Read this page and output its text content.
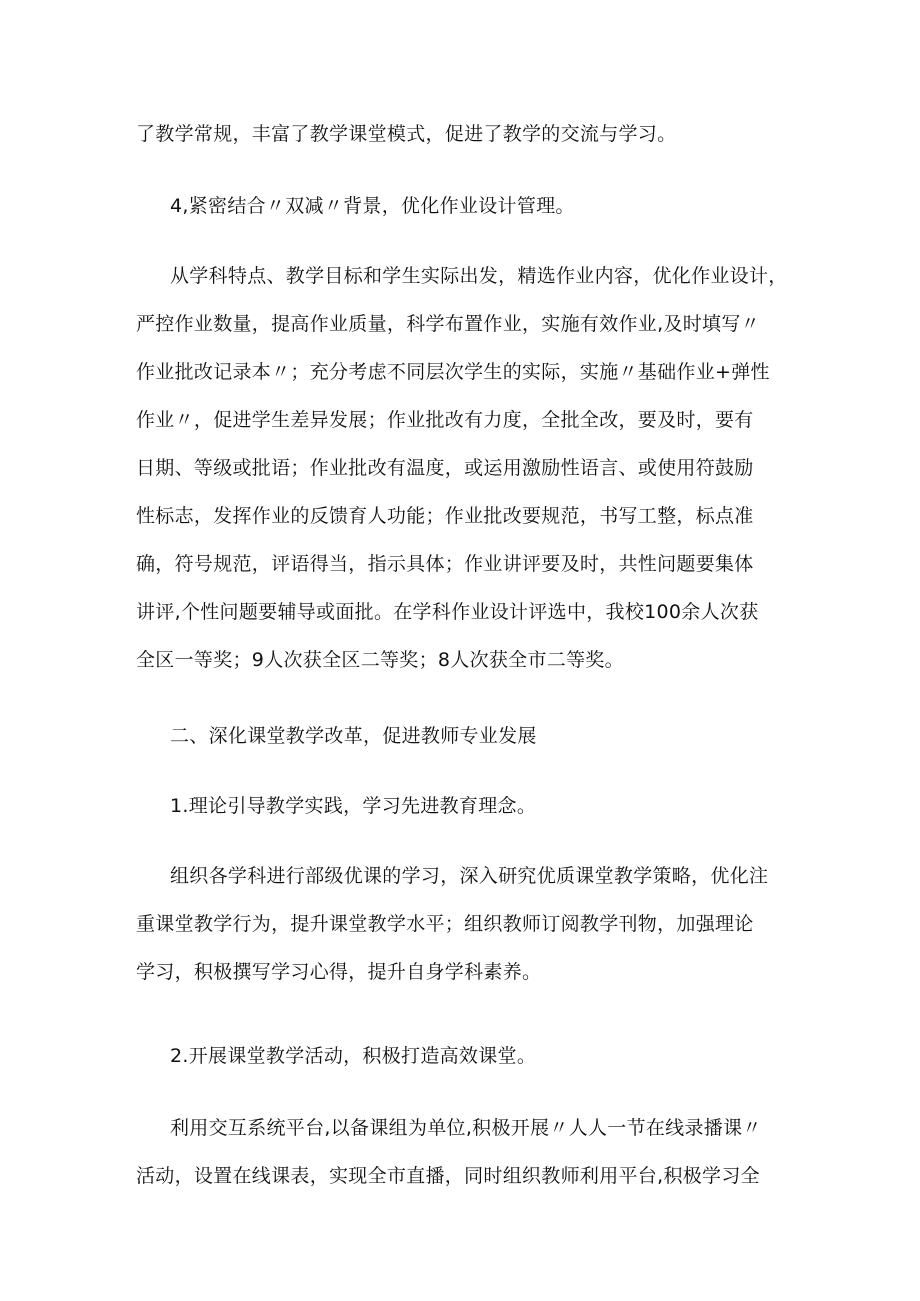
了教学常规，丰富了教学课堂模式，促进了教学的交流与学习。

4,紧密结合〃双减〃背景，优化作业设计管理。

从学科特点、教学目标和学生实际出发，精选作业内容，优化作业设计，
严控作业数量，提高作业质量，科学布置作业，实施有效作业,及时填写〃
作业批改记录本〃；充分考虑不同层次学生的实际，实施〃基础作业+弹性
作业〃，促进学生差异发展；作业批改有力度，全批全改，要及时，要有
日期、等级或批语；作业批改有温度，或运用激励性语言、或使用符鼓励
性标志，发挥作业的反馈育人功能；作业批改要规范，书写工整，标点准
确，符号规范，评语得当，指示具体；作业讲评要及时，共性问题要集体
讲评,个性问题要辅导或面批。在学科作业设计评选中，我校100余人次获
全区一等奖；9人次获全区二等奖；8人次获全市二等奖。

二、深化课堂教学改革，促进教师专业发展

1.理论引导教学实践，学习先进教育理念。

组织各学科进行部级优课的学习，深入研究优质课堂教学策略，优化注
重课堂教学行为，提升课堂教学水平；组织教师订阅教学刊物，加强理论
学习，积极撰写学习心得，提升自身学科素养。

2.开展课堂教学活动，积极打造高效课堂。

利用交互系统平台,以备课组为单位,积极开展〃人人一节在线录播课〃
活动，设置在线课表，实现全市直播，同时组织教师利用平台,积极学习全
